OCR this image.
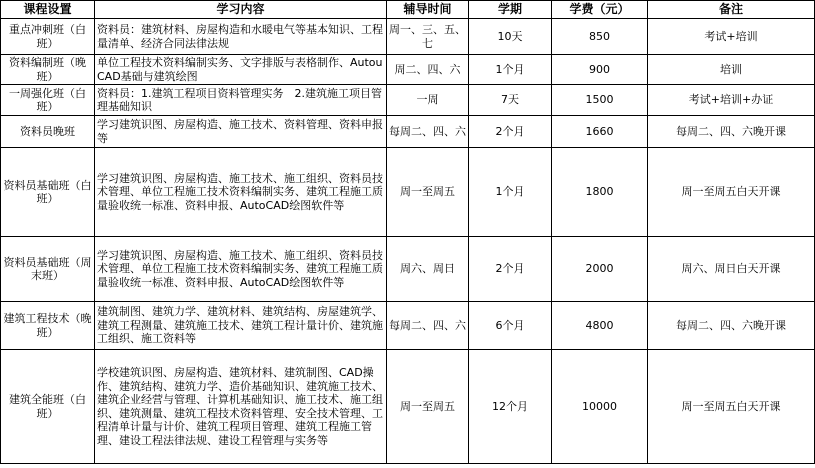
课程设置	学习内容	辅导时间	学期	学费（元）	备注
重点冲刺班（白班）	资料员：建筑材料、房屋构造和水暖电气等基本知识、工程量清单、经济合同法律法规	周一、三、五、七	10天	850	考试+培训
资料编制班（晚班）	单位工程技术资料编制实务、文字排版与表格制作、AutouCAD基础与建筑绘图	周二、四、六	1个月	900	培训
一周强化班（白班）	资料员：1.建筑工程项目资料管理实务　2.建筑施工项目管理基础知识	一周	7天	1500	考试+培训+办证
资料员晚班	学习建筑识图、房屋构造、施工技术、资料管理、资料申报等	每周二、四、六	2个月	1660	每周二、四、六晚开课
资料员基础班（白班）	学习建筑识图、房屋构造、施工技术、施工组织、资料员技术管理、单位工程施工技术资料编制实务、建筑工程施工质量验收统一标准、资料申报、AutoCAD绘图软件等	周一至周五	1个月	1800	周一至周五白天开课
资料员基础班（周末班）	学习建筑识图、房屋构造、施工技术、施工组织、资料员技术管理、单位工程施工技术资料编制实务、建筑工程施工质量验收统一标准、资料申报、AutoCAD绘图软件等	周六、周日	2个月	2000	周六、周日白天开课
建筑工程技术（晚班）	建筑制图、建筑力学、建筑材料、建筑结构、房屋建筑学、建筑工程测量、建筑施工技术、建筑工程计量计价、建筑施工组织、施工资料等	每周二、四、六	6个月	4800	每周二、四、六晚开课
建筑全能班（白班）	学校建筑识图、房屋构造、建筑材料、建筑制图、CAD操作、建筑结构、建筑力学、造价基础知识、建筑施工技术、建筑企业经营与管理、计算机基础知识、施工技术、施工组织、建筑测量、建筑工程技术资料管理、安全技术管理、工程清单计量与计价、建筑工程项目管理、建筑工程施工管理、建设工程法律法规、建设工程管理与实务等	周一至周五	12个月	10000	周一至周五白天开课
